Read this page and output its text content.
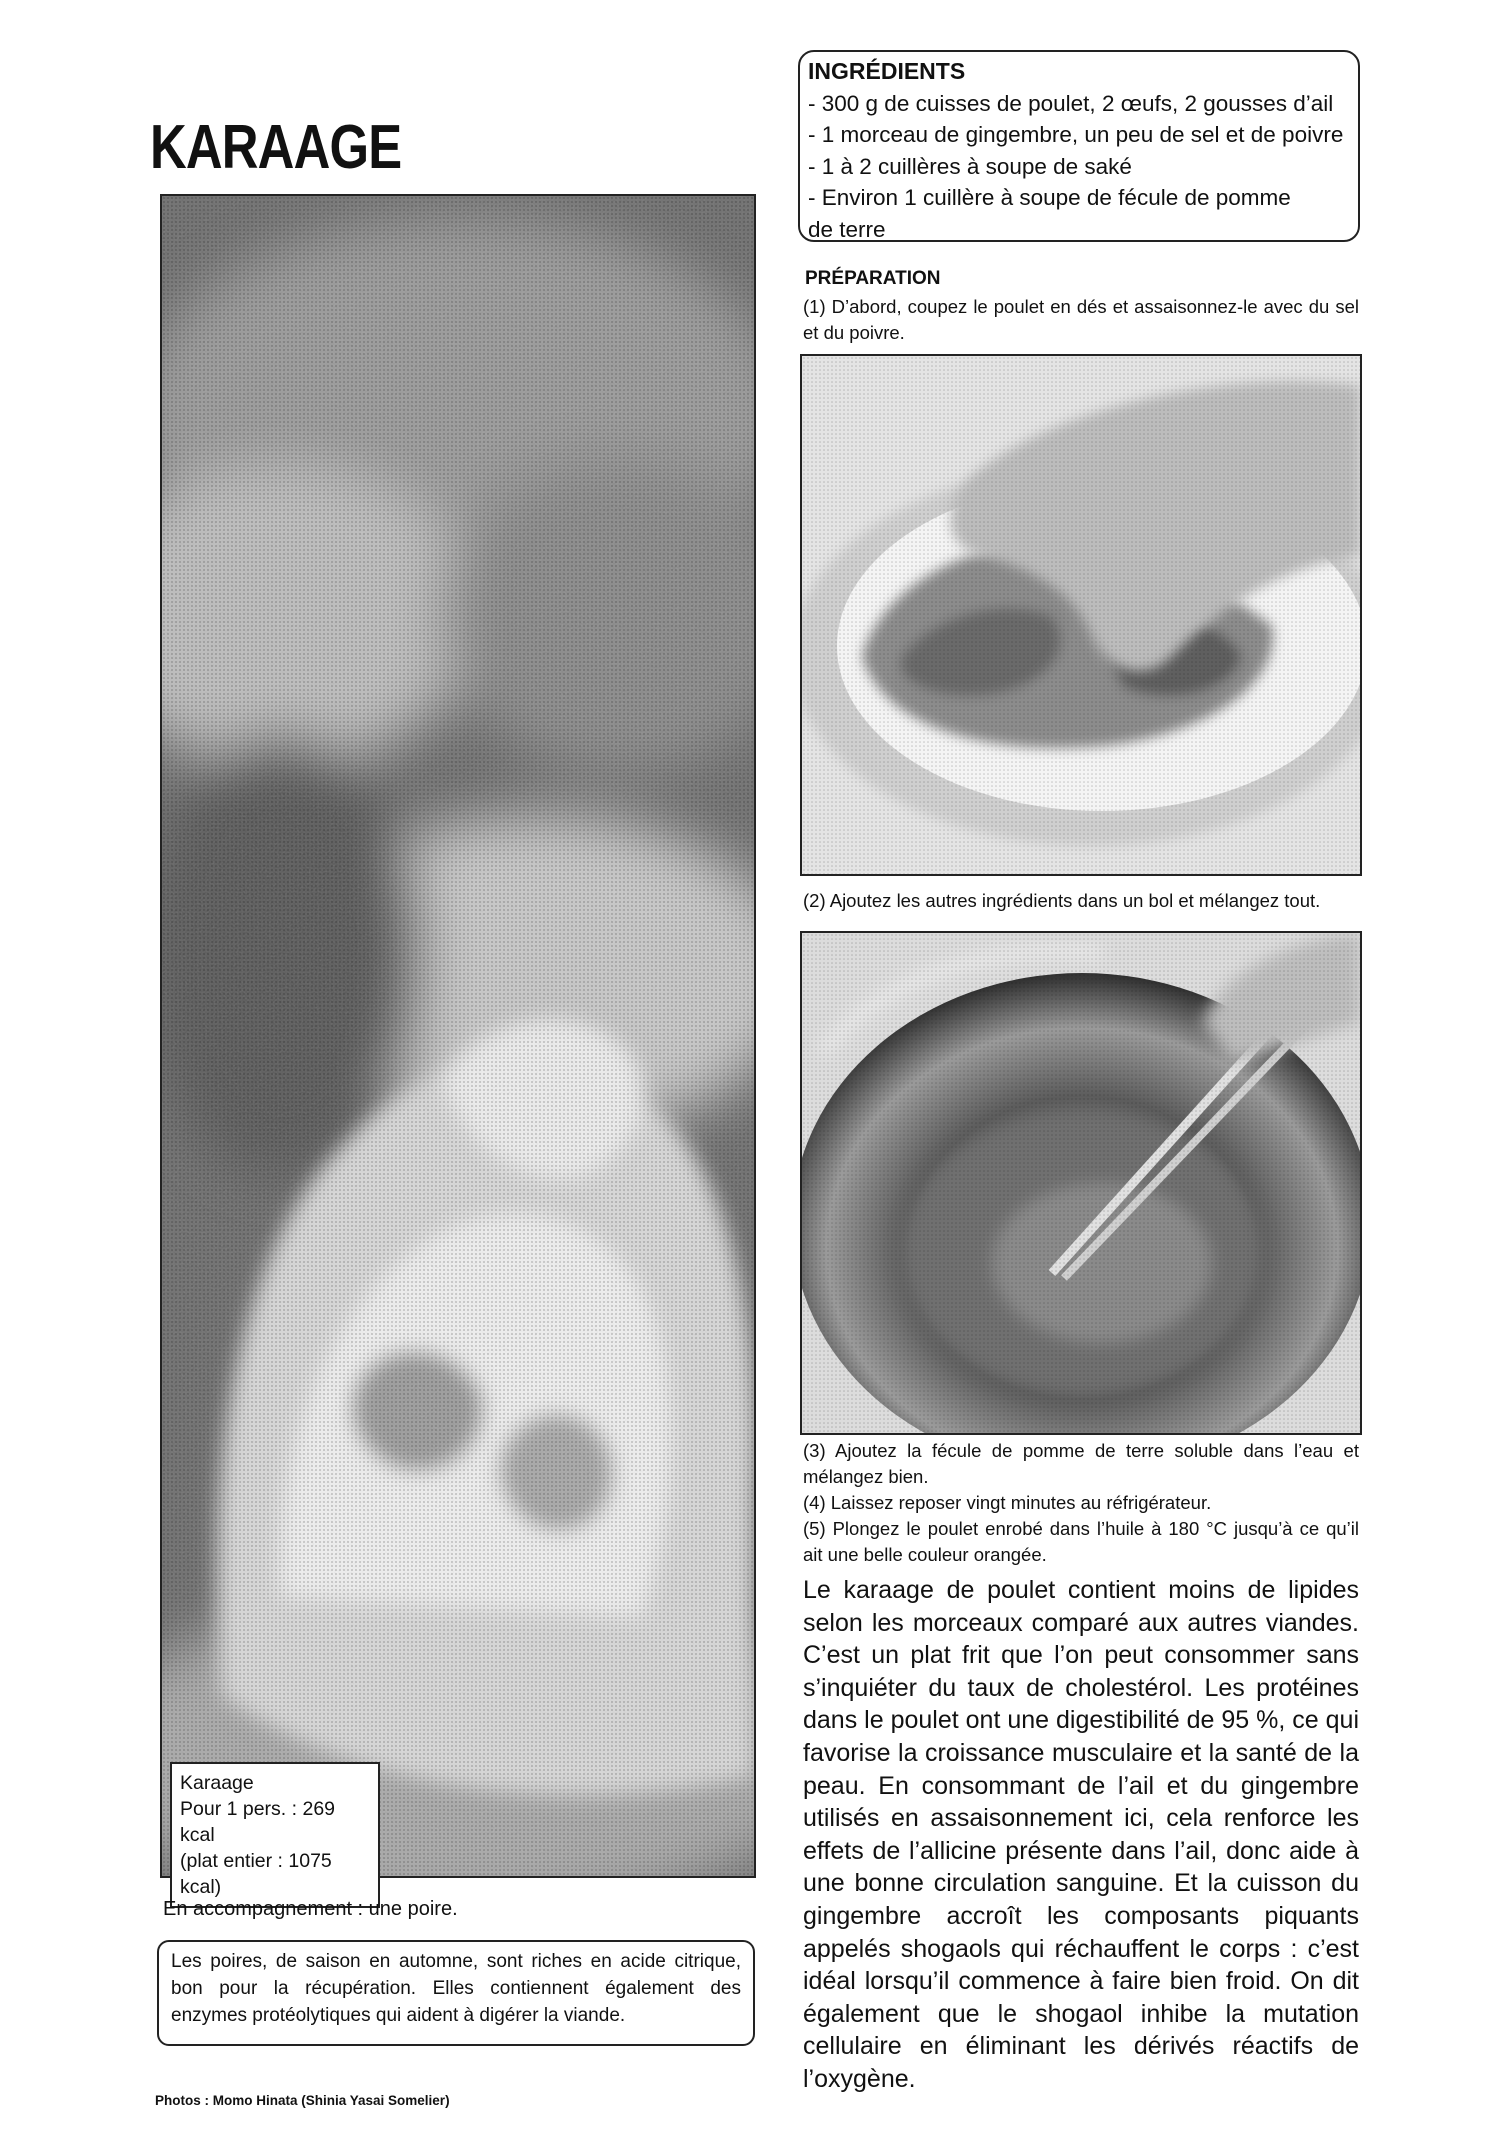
KARAAGE
Karaage
Pour 1 pers. : 269 kcal
(plat entier : 1075 kcal)
En accompagnement : une poire.
Les poires, de saison en automne, sont riches en acide citrique, bon pour la récupération. Elles contiennent également des enzymes protéolytiques qui aident à digérer la viande.
Photos : Momo Hinata (Shinia Yasai Somelier)
INGRÉDIENTS
- 300 g de cuisses de poulet, 2 œufs, 2 gousses d’ail
- 1 morceau de gingembre, un peu de sel et de poivre
- 1 à 2 cuillères à soupe de saké
- Environ 1 cuillère à soupe de fécule de pomme
de terre
PRÉPARATION
(1) D’abord, coupez le poulet en dés et assaisonnez-le avec du sel et du poivre.
(2) Ajoutez les autres ingrédients dans un bol et mélangez tout.
(3) Ajoutez la fécule de pomme de terre soluble dans l’eau et mélangez bien.
(4) Laissez reposer vingt minutes au réfrigérateur.
(5) Plongez le poulet enrobé dans l’huile à 180 °C jusqu’à ce qu’il ait une belle couleur orangée.
Le karaage de poulet contient moins de lipides selon les morceaux comparé aux autres viandes. C’est un plat frit que l’on peut consommer sans s’inquiéter du taux de cholestérol. Les protéines dans le poulet ont une digestibilité de 95 %, ce qui favorise la croissance musculaire et la santé de la peau. En consommant de l’ail et du gingembre utilisés en assaisonnement ici, cela renforce les effets de l’allicine présente dans l’ail, donc aide à une bonne circulation sanguine. Et la cuisson du gingembre accroît les composants piquants appelés shogaols qui réchauffent le corps : c’est idéal lorsqu’il commence à faire bien froid. On dit également que le shogaol inhibe la mutation cellulaire en éliminant les dérivés réactifs de l’oxygène.
